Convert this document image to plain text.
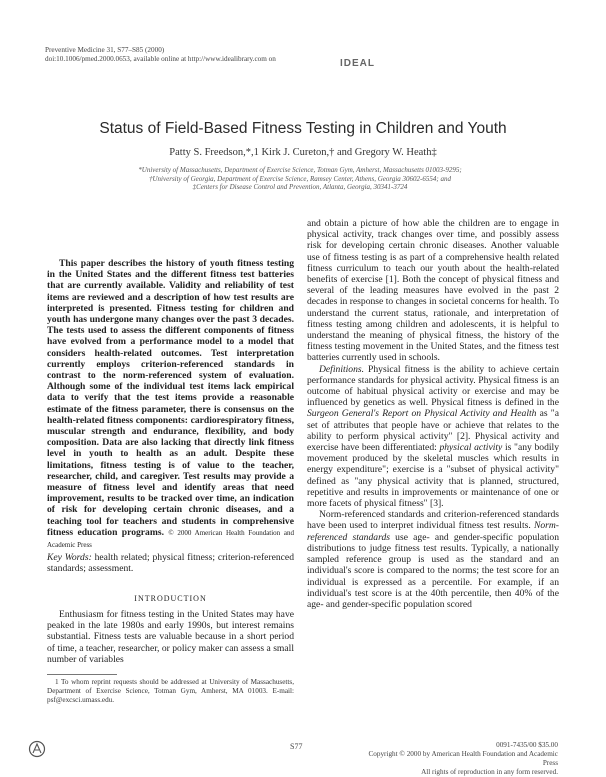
Preventive Medicine 31, S77–S85 (2000)
doi:10.1006/pmed.2000.0653, available online at http://www.idealibrary.com on	IDEAL
Status of Field-Based Fitness Testing in Children and Youth
Patty S. Freedson,*,1 Kirk J. Cureton,† and Gregory W. Heath‡
*University of Massachusetts, Department of Exercise Science, Totman Gym, Amherst, Massachusetts 01003-9295;
†University of Georgia, Department of Exercise Science, Ramsey Center, Athens, Georgia 30602-6554; and
‡Centers for Disease Control and Prevention, Atlanta, Georgia, 30341-3724

This paper describes the history of youth fitness testing in the United States and the different fitness test batteries that are currently available. Validity and reliability of test items are reviewed and a description of how test results are interpreted is presented. Fitness testing for children and youth has undergone many changes over the past 3 decades. The tests used to assess the different components of fitness have evolved from a performance model to a model that considers health-related outcomes. Test interpretation currently employs criterion-referenced standards in contrast to the norm-referenced system of evaluation. Although some of the individual test items lack empirical data to verify that the test items provide a reasonable estimate of the fitness parameter, there is consensus on the health-related fitness components: cardiorespiratory fitness, muscular strength and endurance, flexibility, and body composition. Data are also lacking that directly link fitness level in youth to health as an adult. Despite these limitations, fitness testing is of value to the teacher, researcher, child, and caregiver. Test results may provide a measure of fitness level and identify areas that need improvement, results to be tracked over time, an indication of risk for developing certain chronic diseases, and a teaching tool for teachers and students in comprehensive fitness education programs. © 2000 American Health Foundation and Academic Press

Key Words: health related; physical fitness; criterion-referenced standards; assessment.

INTRODUCTION

Enthusiasm for fitness testing in the United States may have peaked in the late 1980s and early 1990s, but interest remains substantial. Fitness tests are valuable because in a short period of time, a teacher, researcher, or policy maker can assess a small number of variables

1 To whom reprint requests should be addressed at University of Massachusetts, Department of Exercise Science, Totman Gym, Amherst, MA 01003. E-mail: psf@excsci.umass.edu.

and obtain a picture of how able the children are to engage in physical activity, track changes over time, and possibly assess risk for developing certain chronic diseases. Another valuable use of fitness testing is as part of a comprehensive health related fitness curriculum to teach our youth about the health-related benefits of exercise [1]. Both the concept of physical fitness and several of the leading measures have evolved in the past 2 decades in response to changes in societal concerns for health. To understand the current status, rationale, and interpretation of fitness testing among children and adolescents, it is helpful to understand the meaning of physical fitness, the history of the fitness testing movement in the United States, and the fitness test batteries currently used in schools.

Definitions. Physical fitness is the ability to achieve certain performance standards for physical activity. Physical fitness is an outcome of habitual physical activity or exercise and may be influenced by genetics as well. Physical fitness is defined in the Surgeon General's Report on Physical Activity and Health as "a set of attributes that people have or achieve that relates to the ability to perform physical activity" [2]. Physical activity and exercise have been differentiated: physical activity is "any bodily movement produced by the skeletal muscles which results in energy expenditure"; exercise is a "subset of physical activity" defined as "any physical activity that is planned, structured, repetitive and results in improvements or maintenance of one or more facets of physical fitness" [3].

Norm-referenced standards and criterion-referenced standards have been used to interpret individual fitness test results. Norm-referenced standards use age- and gender-specific population distributions to judge fitness test results. Typically, a nationally sampled reference group is used as the standard and an individual's score is compared to the norms; the test score for an individual is expressed as a percentile. For example, if an individual's test score is at the 40th percentile, then 40% of the age- and gender-specific population scored

S77	0091-7435/00 $35.00
Copyright © 2000 by American Health Foundation and Academic Press
All rights of reproduction in any form reserved.
